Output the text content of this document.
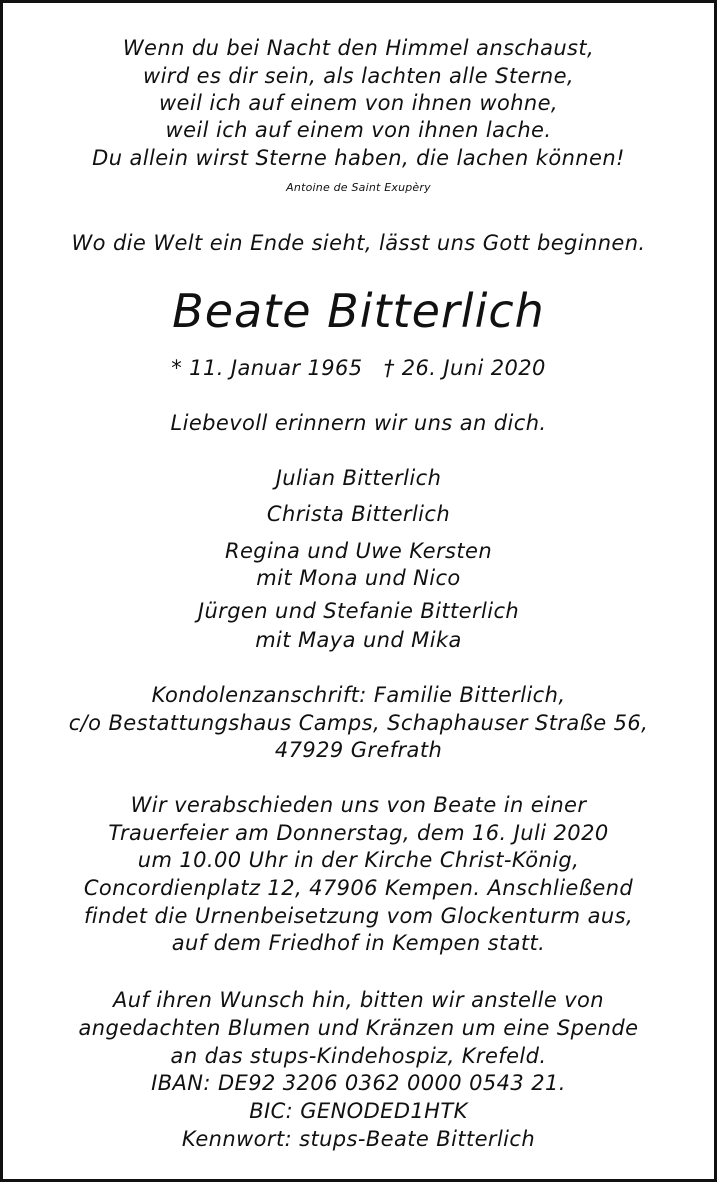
Wenn du bei Nacht den Himmel anschaust,
wird es dir sein, als lachten alle Sterne,
weil ich auf einem von ihnen wohne,
weil ich auf einem von ihnen lache.
Du allein wirst Sterne haben, die lachen können!
Antoine de Saint Exupèry
Wo die Welt ein Ende sieht, lässt uns Gott beginnen.
Beate Bitterlich
* 11. Januar 1965   † 26. Juni 2020
Liebevoll erinnern wir uns an dich.
Julian Bitterlich
Christa Bitterlich
Regina und Uwe Kersten
mit Mona und Nico
Jürgen und Stefanie Bitterlich
mit Maya und Mika
Kondolenzanschrift: Familie Bitterlich,
c/o Bestattungshaus Camps, Schaphauser Straße 56,
47929 Grefrath
Wir verabschieden uns von Beate in einer
Trauerfeier am Donnerstag, dem 16. Juli 2020
um 10.00 Uhr in der Kirche Christ-König,
Concordienplatz 12, 47906 Kempen. Anschließend
findet die Urnenbeisetzung vom Glockenturm aus,
auf dem Friedhof in Kempen statt.
Auf ihren Wunsch hin, bitten wir anstelle von
angedachten Blumen und Kränzen um eine Spende
an das stups-Kindehospiz, Krefeld.
IBAN: DE92 3206 0362 0000 0543 21.
BIC: GENODED1HTK
Kennwort: stups-Beate Bitterlich
